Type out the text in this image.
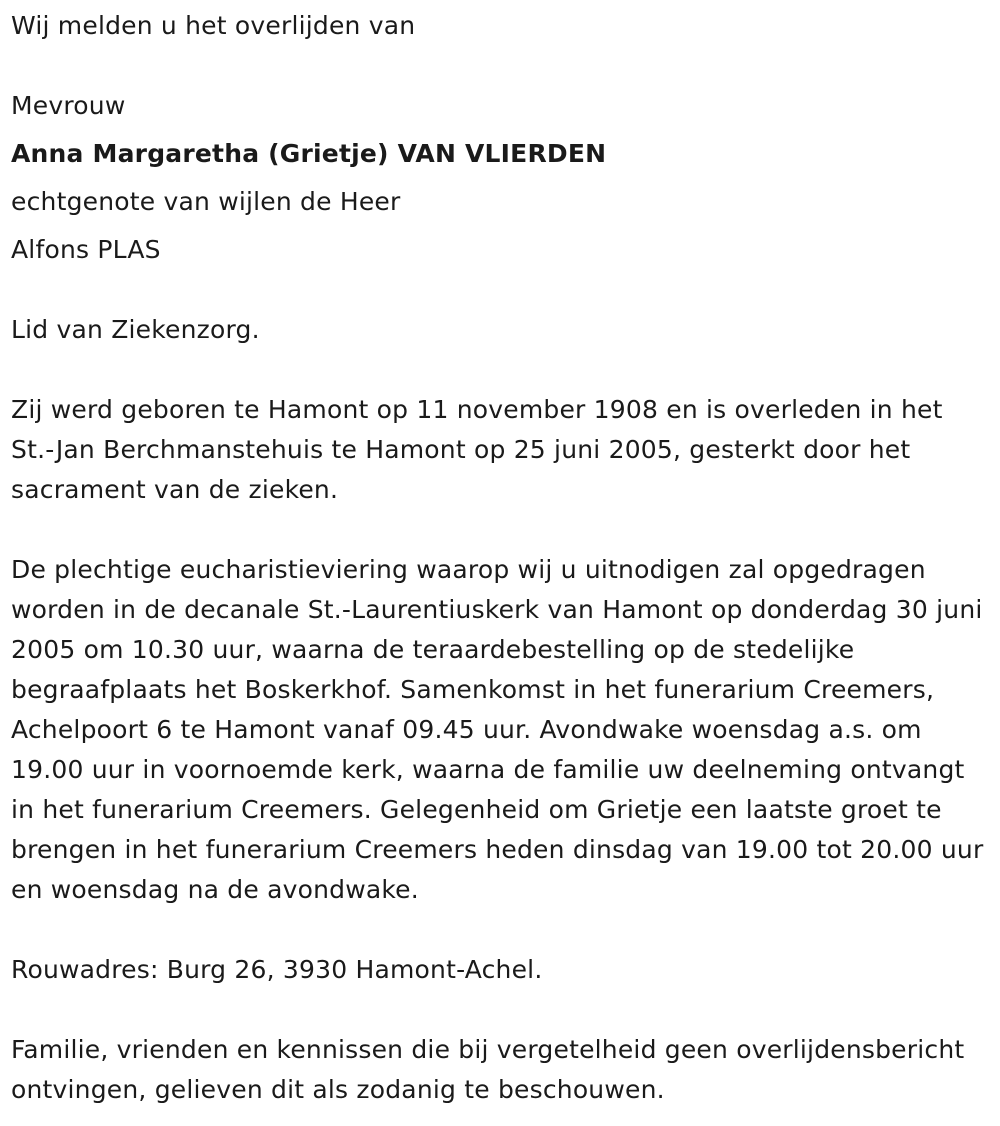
Wij melden u het overlijden van
Mevrouw
Anna Margaretha (Grietje) VAN VLIERDEN
echtgenote van wijlen de Heer
Alfons PLAS
Lid van Ziekenzorg.
Zij werd geboren te Hamont op 11 november 1908 en is overleden in het St.-Jan Berchmanstehuis te Hamont op 25 juni 2005, gesterkt door het sacrament van de zieken.
De plechtige eucharistieviering waarop wij u uitnodigen zal opgedragen worden in de decanale St.-Laurentiuskerk van Hamont op donderdag 30 juni 2005 om 10.30 uur, waarna de teraardebestelling op de stedelijke begraafplaats het Boskerkhof. Samenkomst in het funerarium Creemers, Achelpoort 6 te Hamont vanaf 09.45 uur. Avondwake woensdag a.s. om 19.00 uur in voornoemde kerk, waarna de familie uw deelneming ontvangt in het funerarium Creemers. Gelegenheid om Grietje een laatste groet te brengen in het funerarium Creemers heden dinsdag van 19.00 tot 20.00 uur en woensdag na de avondwake.
Rouwadres: Burg 26, 3930 Hamont-Achel.
Familie, vrienden en kennissen die bij vergetelheid geen overlijdensbericht ontvingen, gelieven dit als zodanig te beschouwen.
